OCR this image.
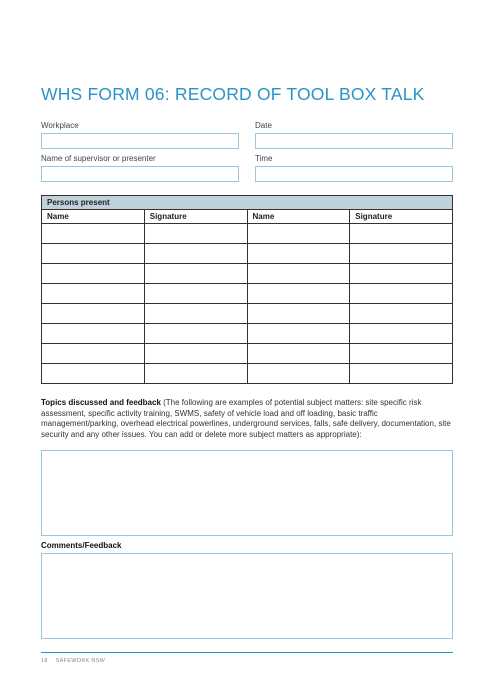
WHS FORM 06: RECORD OF TOOL BOX TALK
Workplace	Date
Name of supervisor or presenter	Time
Persons present			
Name	Signature	Name	Signature

Topics discussed and feedback (The following are examples of potential subject matters: site specific risk assessment, specific activity training, SWMS, safety of vehicle load and off loading, basic traffic management/parking, overhead electrical powerlines, underground services, falls, safe delivery, documentation, site security and any other issues. You can add or delete more subject matters as appropriate):

Comments/Feedback
18 SAFEWORK NSW
